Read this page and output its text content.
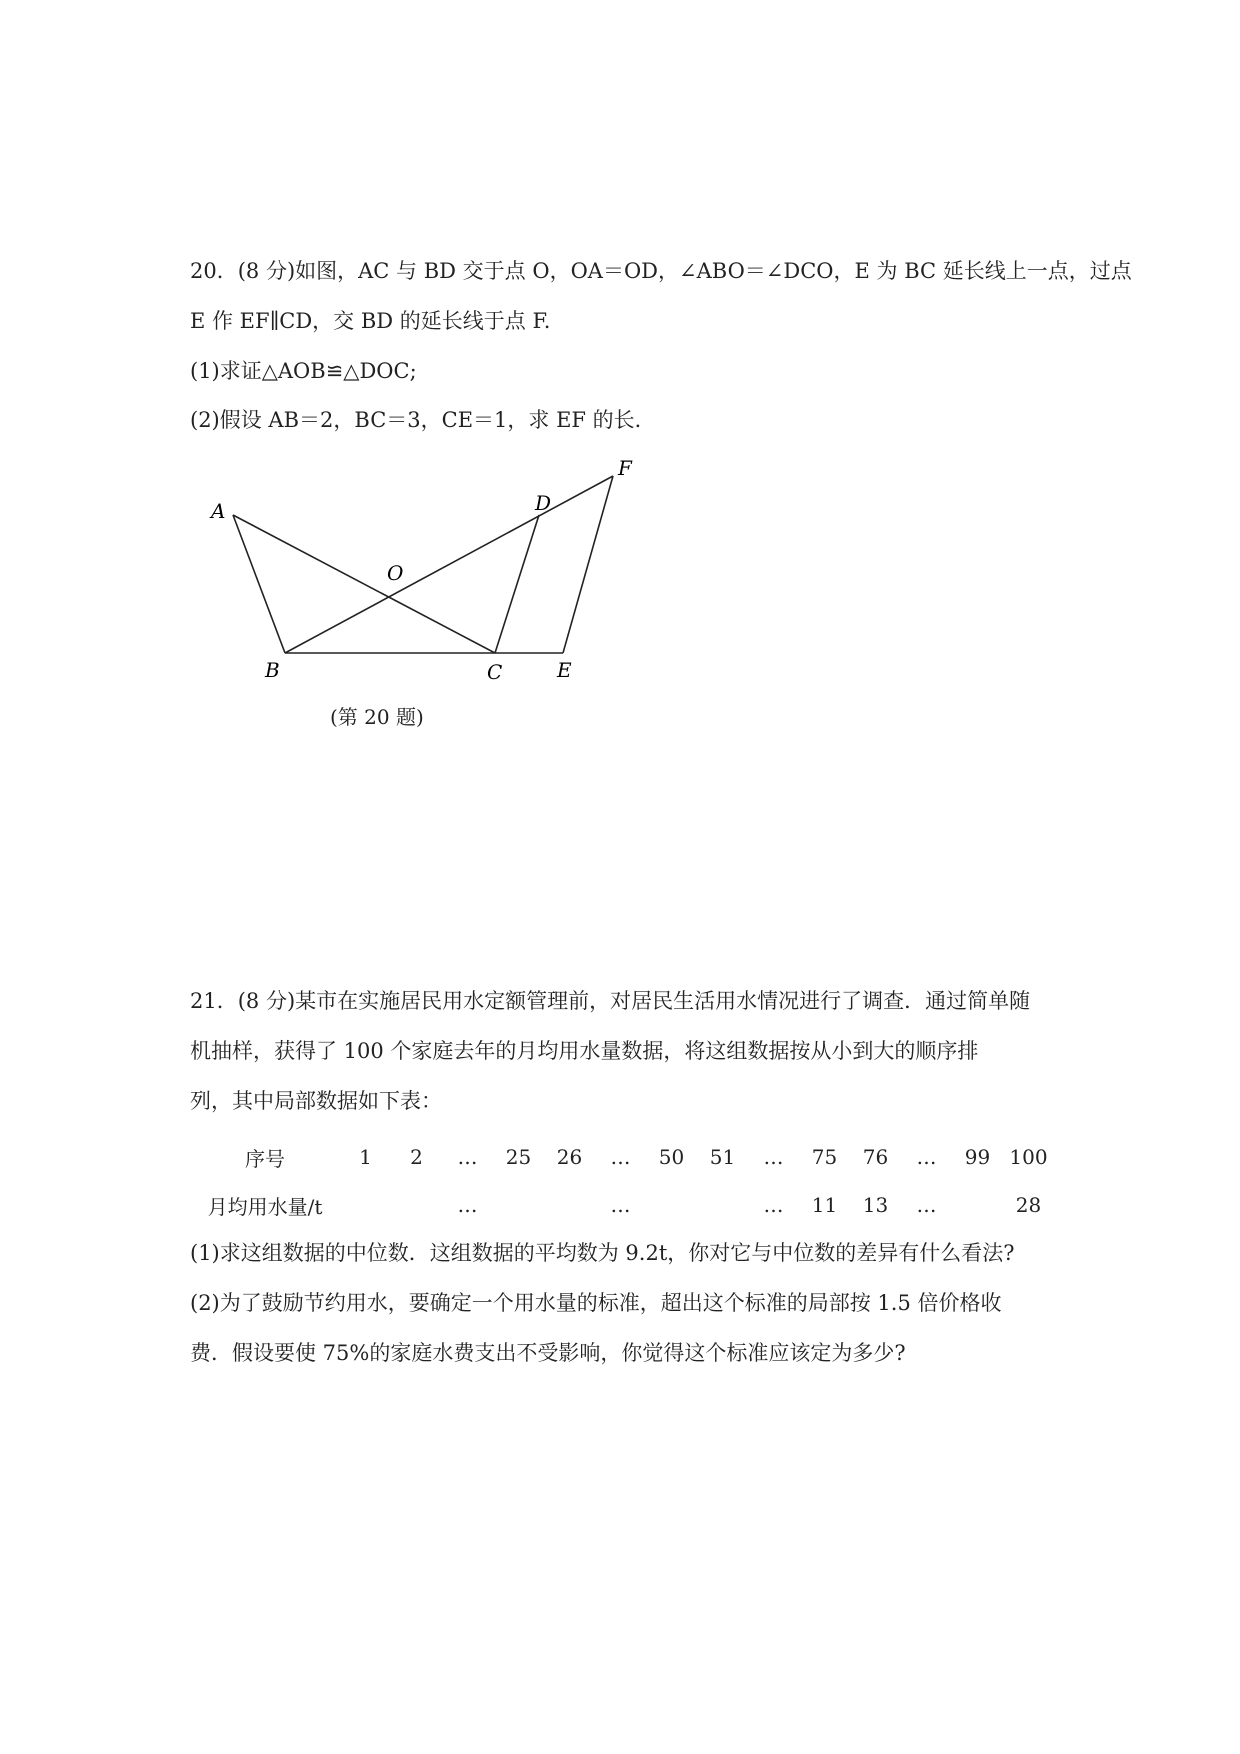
20．(8 分)如图，AC 与 BD 交于点 O，OA＝OD，∠ABO＝∠DCO，E 为 BC 延长线上一点，过点
E 作 EF∥CD，交 BD 的延长线于点 F.
(1)求证△AOB≌△DOC;
(2)假设 AB＝2，BC＝3，CE＝1，求 EF 的长．
A
B	C
D
E
F
O
(第 20 题)
21．(8 分)某市在实施居民用水定额管理前，对居民生活用水情况进行了调查．通过简单随
机抽样，获得了 100 个家庭去年的月均用水量数据，将这组数据按从小到大的顺序排
列，其中局部数据如下表：
序号	1	2	…	25	26	…	50	51	…	75	76	…	99	100
月均用水量/t			…			…			…	11	13	…		28
(1)求这组数据的中位数．这组数据的平均数为 9.2t，你对它与中位数的差异有什么看法?
(2)为了鼓励节约用水，要确定一个用水量的标准，超出这个标准的局部按 1.5 倍价格收
费．假设要使 75%的家庭水费支出不受影响，你觉得这个标准应该定为多少?
